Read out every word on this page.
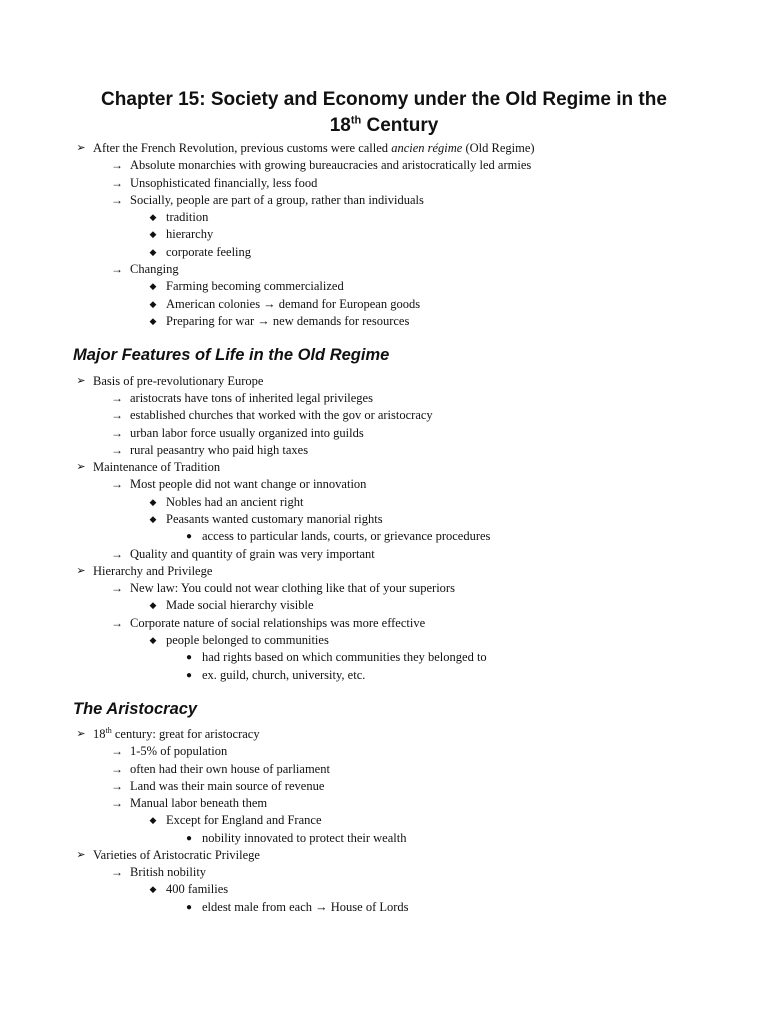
Chapter 15: Society and Economy under the Old Regime in the
18th Century
➢ After the French Revolution, previous customs were called ancien régime (Old Regime)
→ Absolute monarchies with growing bureaucracies and aristocratically led armies
→ Unsophisticated financially, less food
→ Socially, people are part of a group, rather than individuals
◆ tradition
◆ hierarchy
◆ corporate feeling
→ Changing
◆ Farming becoming commercialized
◆ American colonies → demand for European goods
◆ Preparing for war → new demands for resources
Major Features of Life in the Old Regime
➢ Basis of pre-revolutionary Europe
→ aristocrats have tons of inherited legal privileges
→ established churches that worked with the gov or aristocracy
→ urban labor force usually organized into guilds
→ rural peasantry who paid high taxes
➢ Maintenance of Tradition
→ Most people did not want change or innovation
◆ Nobles had an ancient right
◆ Peasants wanted customary manorial rights
● access to particular lands, courts, or grievance procedures
→ Quality and quantity of grain was very important
➢ Hierarchy and Privilege
→ New law: You could not wear clothing like that of your superiors
◆ Made social hierarchy visible
→ Corporate nature of social relationships was more effective
◆ people belonged to communities
● had rights based on which communities they belonged to
● ex. guild, church, university, etc.
The Aristocracy
➢ 18th century: great for aristocracy
→ 1-5% of population
→ often had their own house of parliament
→ Land was their main source of revenue
→ Manual labor beneath them
◆ Except for England and France
● nobility innovated to protect their wealth
➢ Varieties of Aristocratic Privilege
→ British nobility
◆ 400 families
● eldest male from each → House of Lords
